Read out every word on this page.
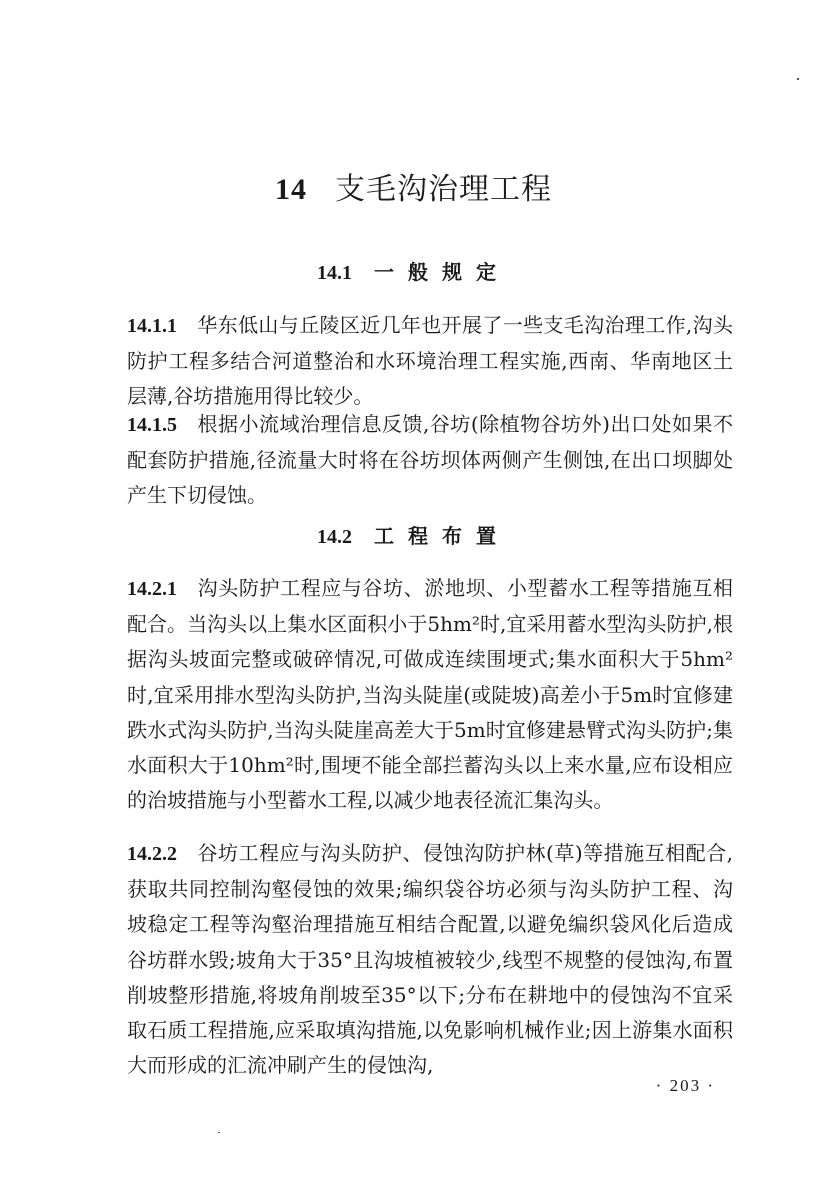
14 支毛沟治理工程
14.1 一般规定
14.1.1 华东低山与丘陵区近几年也开展了一些支毛沟治理工作,沟头防护工程多结合河道整治和水环境治理工程实施,西南、华南地区土层薄,谷坊措施用得比较少。
14.1.5 根据小流域治理信息反馈,谷坊(除植物谷坊外)出口处如果不配套防护措施,径流量大时将在谷坊坝体两侧产生侧蚀,在出口坝脚处产生下切侵蚀。
14.2 工程布置
14.2.1 沟头防护工程应与谷坊、淤地坝、小型蓄水工程等措施互相配合。当沟头以上集水区面积小于5hm²时,宜采用蓄水型沟头防护,根据沟头坡面完整或破碎情况,可做成连续围埂式;集水面积大于5hm²时,宜采用排水型沟头防护,当沟头陡崖(或陡坡)高差小于5m时宜修建跌水式沟头防护,当沟头陡崖高差大于5m时宜修建悬臂式沟头防护;集水面积大于10hm²时,围埂不能全部拦蓄沟头以上来水量,应布设相应的治坡措施与小型蓄水工程,以减少地表径流汇集沟头。
14.2.2 谷坊工程应与沟头防护、侵蚀沟防护林(草)等措施互相配合,获取共同控制沟壑侵蚀的效果;编织袋谷坊必须与沟头防护工程、沟坡稳定工程等沟壑治理措施互相结合配置,以避免编织袋风化后造成谷坊群水毁;坡角大于35°且沟坡植被较少,线型不规整的侵蚀沟,布置削坡整形措施,将坡角削坡至35°以下;分布在耕地中的侵蚀沟不宜采取石质工程措施,应采取填沟措施,以免影响机械作业;因上游集水面积大而形成的汇流冲刷产生的侵蚀沟,
· 203 ·
